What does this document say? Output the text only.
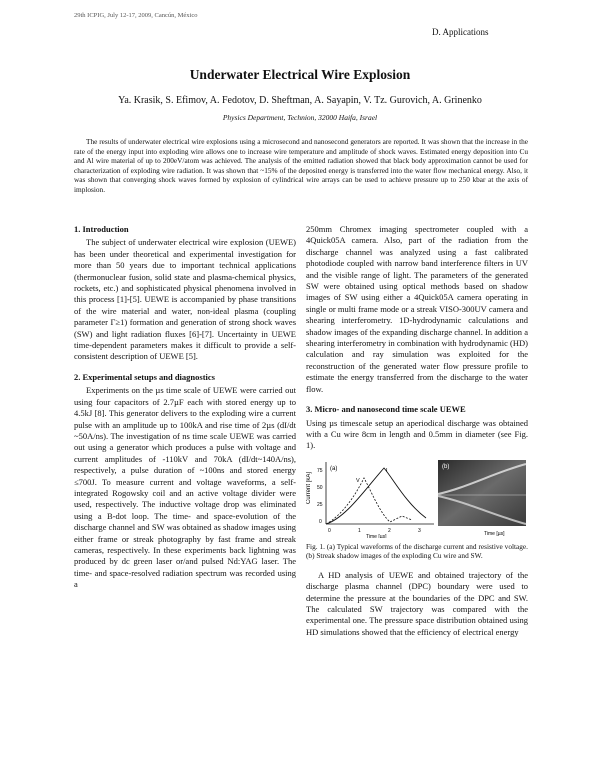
29th ICPIG, July 12-17, 2009, Cancún, México
D. Applications
Underwater Electrical Wire Explosion
Ya. Krasik, S. Efimov, A. Fedotov, D. Sheftman, A. Sayapin, V. Tz. Gurovich, A. Grinenko
Physics Department, Technion, 32000 Haifa, Israel

The results of underwater electrical wire explosions using a microsecond and nanosecond generators are reported. It was shown that the increase in the rate of the energy input into exploding wire allows one to increase wire temperature and amplitude of shock waves. Estimated energy deposition into Cu and Al wire material of up to 200eV/atom was achieved. The analysis of the emitted radiation showed that black body approximation cannot be used for characterization of exploding wire radiation. It was shown that ~15% of the deposited energy is transferred into the water flow mechanical energy. Also, it was shown that converging shock waves formed by explosion of cylindrical wire arrays can be used to achieve pressure up to 250 kbar at the axis of implosion.

1. Introduction

The subject of underwater electrical wire explosion (UEWE) has been under theoretical and experimental investigation for more than 50 years due to important technical applications (thermonuclear fusion, solid state and plasma-chemical physics, rockets, etc.) and sophisticated physical phenomena involved in this process [1]-[5]. UEWE is accompanied by phase transitions of the wire material and water, non-ideal plasma (coupling parameter Γ≥1) formation and generation of strong shock waves (SW) and light radiation fluxes [6]-[7]. Uncertainty in UEWE time-dependent parameters makes it difficult to provide a self-consistent description of UEWE [5].

2. Experimental setups and diagnostics

Experiments on the µs time scale of UEWE were carried out using four capacitors of 2.7µF each with stored energy up to 4.5kJ [8]. This generator delivers to the exploding wire a current pulse with an amplitude up to 100kA and rise time of 2µs (dI/dt ~50A/ns). The investigation of ns time scale UEWE was carried out using a generator which produces a pulse with voltage and current amplitudes of -110kV and 70kA (dI/dt~140A/ns), respectively, a pulse duration of ~100ns and stored energy ≤700J. To measure current and voltage waveforms, a self-integrated Rogowsky coil and an active voltage divider were used, respectively. The inductive voltage drop was eliminated using a B-dot loop. The time- and space-evolution of the discharge channel and SW was obtained as shadow images using either frame or streak photography by fast frame and streak cameras, respectively. In these experiments back lightning was produced by dc green laser or/and pulsed Nd:YAG laser. The time- and space-resolved radiation spectrum was recorded using a

250mm Chromex imaging spectrometer coupled with a 4Quick05A camera. Also, part of the radiation from the discharge channel was analyzed using a fast calibrated photodiode coupled with narrow band interference filters in UV and the visible range of light. The parameters of the generated SW were obtained using optical methods based on shadow images of SW using either a 4Quick05A camera operating in single or multi frame mode or a streak VISO-300UV camera and shearing interferometry. 1D-hydrodynamic calculations and shadow images of the expanding discharge channel. In addition a shearing interferometry in combination with hydrodynamic (HD) calculation and ray simulation was exploited for the reconstruction of the generated water flow pressure profile to estimate the energy transferred from the discharge to the water flow.

3. Micro- and nanosecond time scale UEWE

Using µs timescale setup an aperiodical discharge was obtained with a Cu wire 8cm in length and 0.5mm in diameter (see Fig. 1).

Current [kA]
(a)
75
50
25
0
0	1	2	3
I
V
Time [µs]
(b)
Time [µs]

Fig. 1. (a) Typical waveforms of the discharge current and resistive voltage. (b) Streak shadow images of the exploding Cu wire and SW.

A HD analysis of UEWE and obtained trajectory of the discharge plasma channel (DPC) boundary were used to determine the pressure at the boundaries of the DPC and SW. The calculated SW trajectory was compared with the experimental one. The pressure space distribution obtained using HD simulations showed that the efficiency of electrical energy
